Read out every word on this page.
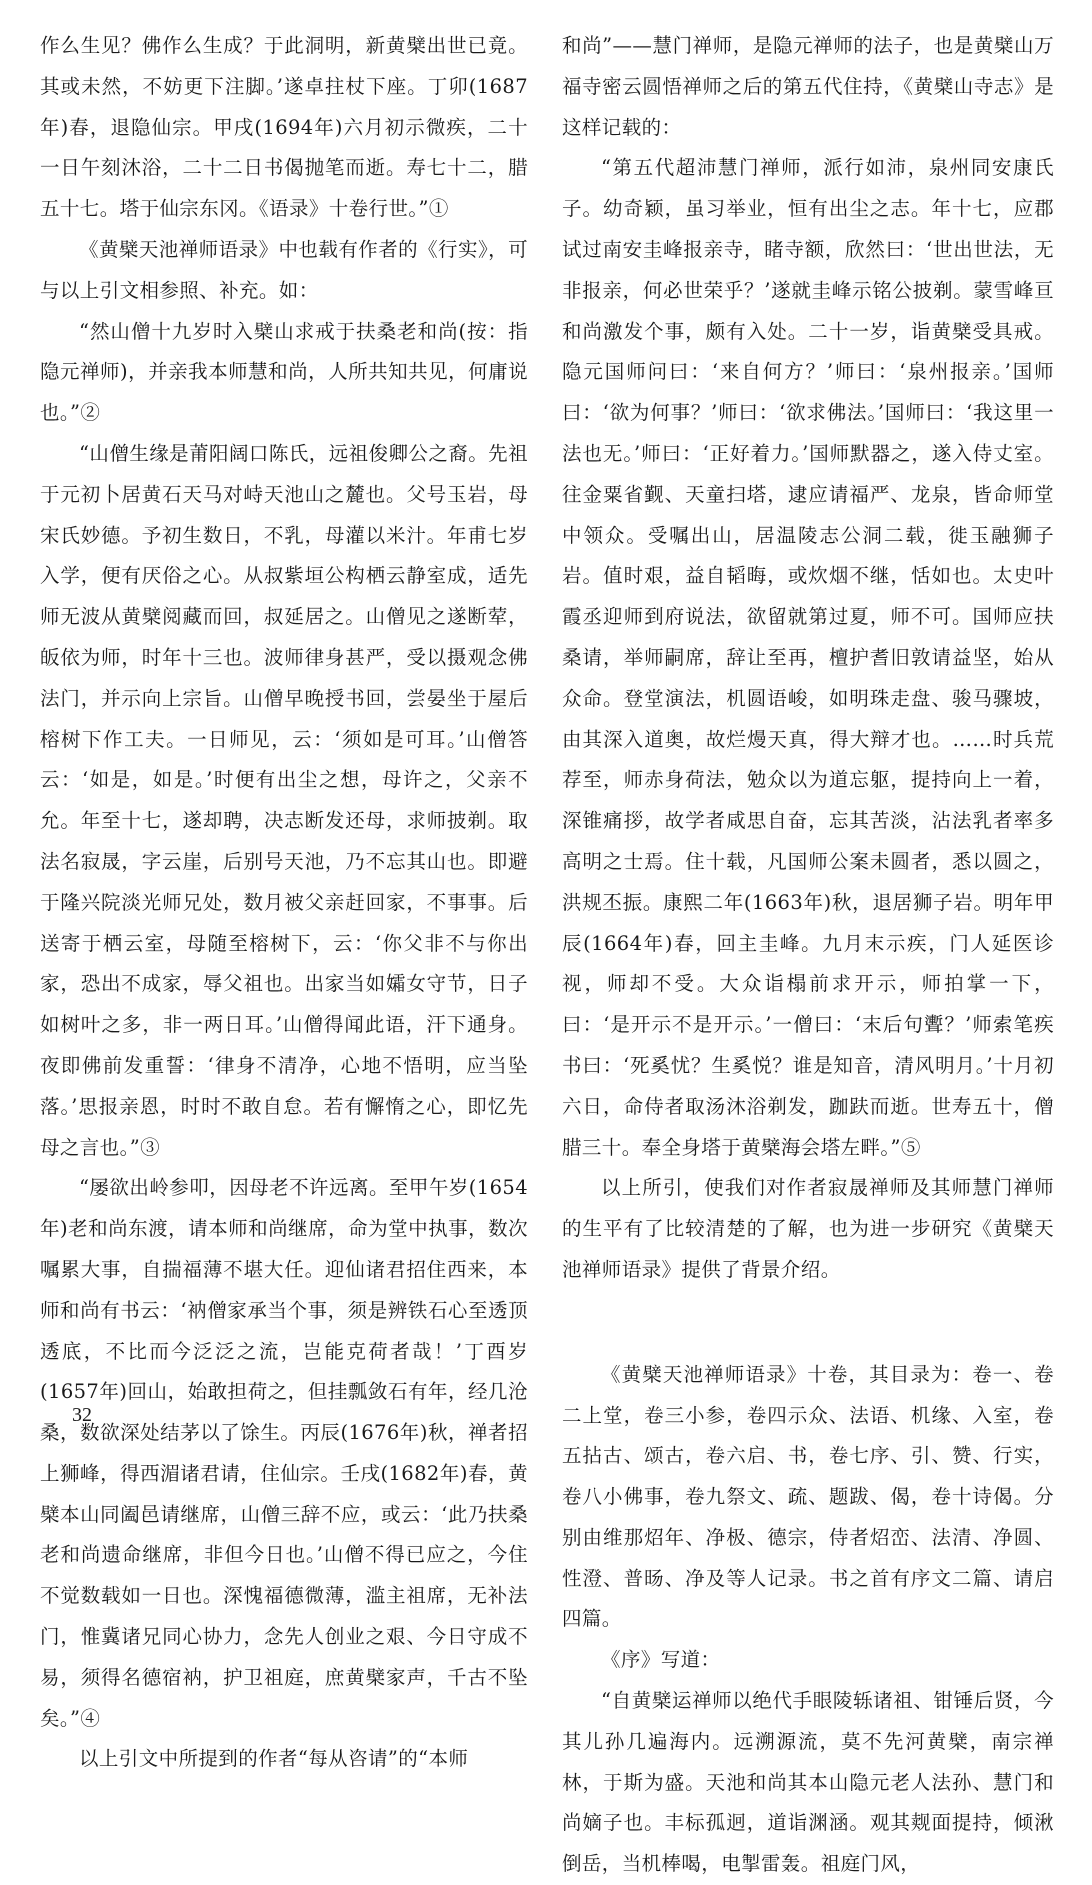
作么生见？佛作么生成？于此洞明，新黄檗出世已竟。其或未然，不妨更下注脚。’遂卓拄杖下座。丁卯(1687年)春，退隐仙宗。甲戌(1694年)六月初示微疾，二十一日午刻沐浴，二十二日书偈抛笔而逝。寿七十二，腊五十七。塔于仙宗东冈。《语录》十卷行世。”①

《黄檗天池禅师语录》中也载有作者的《行实》，可与以上引文相参照、补充。如：

“然山僧十九岁时入檗山求戒于扶桑老和尚(按：指隐元禅师)，并亲我本师慧和尚，人所共知共见，何庸说也。”②

“山僧生缘是莆阳阔口陈氏，远祖俊卿公之裔。先祖于元初卜居黄石天马对峙天池山之麓也。父号玉岩，母宋氏妙德。予初生数日，不乳，母灌以米汁。年甫七岁入学，便有厌俗之心。从叔紫垣公构栖云静室成，适先师无波从黄檗阅藏而回，叔延居之。山僧见之遂断荤，皈依为师，时年十三也。波师律身甚严，受以摄观念佛法门，并示向上宗旨。山僧早晚授书回，尝晏坐于屋后榕树下作工夫。一日师见，云：‘须如是可耳。’山僧答云：‘如是，如是。’时便有出尘之想，母许之，父亲不允。年至十七，遂却聘，决志断发还母，求师披剃。取法名寂晟，字云崖，后别号天池，乃不忘其山也。即避于隆兴院淡光师兄处，数月被父亲赶回家，不事事。后送寄于栖云室，母随至榕树下，云：‘你父非不与你出家，恐出不成家，辱父祖也。出家当如孀女守节，日子如树叶之多，非一两日耳。’山僧得闻此语，汗下通身。夜即佛前发重誓：‘律身不清净，心地不悟明，应当坠落。’思报亲恩，时时不敢自怠。若有懈惰之心，即忆先母之言也。”③

“屡欲出岭参叩，因母老不许远离。至甲午岁(1654年)老和尚东渡，请本师和尚继席，命为堂中执事，数次嘱累大事，自揣福薄不堪大任。迎仙诸君招住西来，本师和尚有书云：‘衲僧家承当个事，须是辨铁石心至透顶透底，不比而今泛泛之流，岂能克荷者哉！’丁酉岁(1657年)回山，始敢担荷之，但挂瓢敛石有年，经几沧桑，数欲深处结茅以了馀生。丙辰(1676年)秋，禅者招上狮峰，得西湄诸君请，住仙宗。壬戌(1682年)春，黄檗本山同阖邑请继席，山僧三辞不应，或云：‘此乃扶桑老和尚遗命继席，非但今日也。’山僧不得已应之，今住不觉数载如一日也。深愧福德微薄，滥主祖席，无补法门，惟冀诸兄同心协力，念先人创业之艰、今日守成不易，须得名德宿衲，护卫祖庭，庶黄檗家声，千古不坠矣。”④

以上引文中所提到的作者“每从咨请”的“本师

和尚”——慧门禅师，是隐元禅师的法子，也是黄檗山万福寺密云圆悟禅师之后的第五代住持，《黄檗山寺志》是这样记载的：

“第五代超沛慧门禅师，派行如沛，泉州同安康氏子。幼奇颖，虽习举业，恒有出尘之志。年十七，应郡试过南安圭峰报亲寺，睹寺额，欣然曰：‘世出世法，无非报亲，何必世荣乎？’遂就圭峰示铭公披剃。蒙雪峰亘和尚激发个事，颇有入处。二十一岁，诣黄檗受具戒。隐元国师问曰：‘来自何方？’师曰：‘泉州报亲。’国师曰：‘欲为何事？’师曰：‘欲求佛法。’国师曰：‘我这里一法也无。’师曰：‘正好着力。’国师默器之，遂入侍丈室。往金粟省觐、天童扫塔，逮应请福严、龙泉，皆命师堂中领众。受嘱出山，居温陵志公洞二载，徙玉融狮子岩。值时艰，益自韬晦，或炊烟不继，恬如也。太史叶霞丞迎师到府说法，欲留就第过夏，师不可。国师应扶桑请，举师嗣席，辞让至再，檀护耆旧敦请益坚，始从众命。登堂演法，机圆语峻，如明珠走盘、骏马骤坡，由其深入道奥，故烂熳天真，得大辩才也。……时兵荒荐至，师赤身荷法，勉众以为道忘躯，提持向上一着，深锥痛拶，故学者咸思自奋，忘其苦淡，沾法乳者率多高明之士焉。住十载，凡国师公案未圆者，悉以圆之，洪规丕振。康熙二年(1663年)秋，退居狮子岩。明年甲辰(1664年)春，回主圭峰。九月末示疾，门人延医诊视，师却不受。大众诣榻前求开示，师拍掌一下，曰：‘是开示不是开示。’一僧曰：‘末后句聻？’师索笔疾书曰：‘死奚忧？生奚悦？谁是知音，清风明月。’十月初六日，命侍者取汤沐浴剃发，跏趺而逝。世寿五十，僧腊三十。奉全身塔于黄檗海会塔左畔。”⑤

以上所引，使我们对作者寂晟禅师及其师慧门禅师的生平有了比较清楚的了解，也为进一步研究《黄檗天池禅师语录》提供了背景介绍。

《黄檗天池禅师语录》十卷，其目录为：卷一、卷二上堂，卷三小参，卷四示众、法语、机缘、入室，卷五拈古、颂古，卷六启、书，卷七序、引、赞、行实，卷八小佛事，卷九祭文、疏、题跋、偈，卷十诗偈。分别由维那炤年、净极、德宗，侍者炤峦、法清、净圆、性澄、普旸、净及等人记录。书之首有序文二篇、请启四篇。

《序》写道：

“自黄檗运禅师以绝代手眼陵轹诸祖、钳锤后贤，今其儿孙几遍海内。远溯源流，莫不先河黄檗，南宗禅林，于斯为盛。天池和尚其本山隐元老人法孙、慧门和尚嫡子也。丰标孤迥，道诣渊涵。观其觌面提持，倾湫倒岳，当机棒喝，电掣雷轰。祖庭门风，

32
